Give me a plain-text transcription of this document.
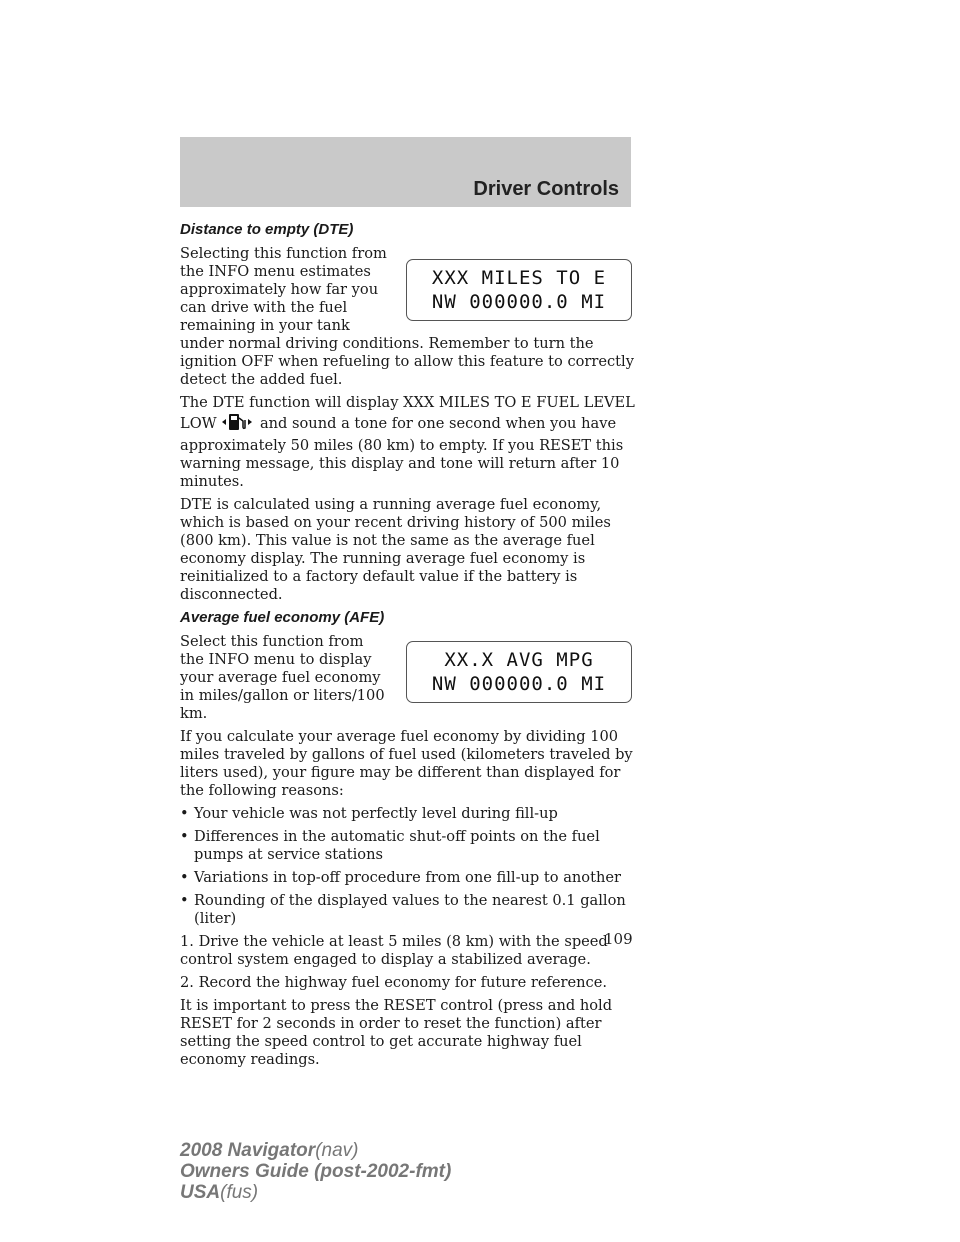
Driver Controls
Distance to empty (DTE)
XXX MILES TO E
NW 000000.0 MI

Selecting this function from the INFO menu estimates approximately how far you can drive with the fuel remaining in your tank under normal driving conditions. Remember to turn the ignition OFF when refueling to allow this feature to correctly detect the added fuel.

The DTE function will display XXX MILES TO E FUEL LEVEL LOW	and sound a tone for one second when you have approximately 50 miles (80 km) to empty. If you RESET this warning message, this display and tone will return after 10 minutes.

DTE is calculated using a running average fuel economy, which is based on your recent driving history of 500 miles (800 km). This value is not the same as the average fuel economy display. The running average fuel economy is reinitialized to a factory default value if the battery is disconnected.

Average fuel economy (AFE)
XX.X AVG MPG
NW 000000.0 MI

Select this function from the INFO menu to display your average fuel economy in miles/gallon or liters/100 km.

If you calculate your average fuel economy by dividing 100 miles traveled by gallons of fuel used (kilometers traveled by liters used), your figure may be different than displayed for the following reasons:

• Your vehicle was not perfectly level during fill-up
• Differences in the automatic shut-off points on the fuel pumps at service stations
• Variations in top-off procedure from one fill-up to another
• Rounding of the displayed values to the nearest 0.1 gallon (liter)

1. Drive the vehicle at least 5 miles (8 km) with the speed control system engaged to display a stabilized average.

2. Record the highway fuel economy for future reference.

It is important to press the RESET control (press and hold RESET for 2 seconds in order to reset the function) after setting the speed control to get accurate highway fuel economy readings.

109
2008 Navigator(nav)
Owners Guide (post-2002-fmt)
USA(fus)
